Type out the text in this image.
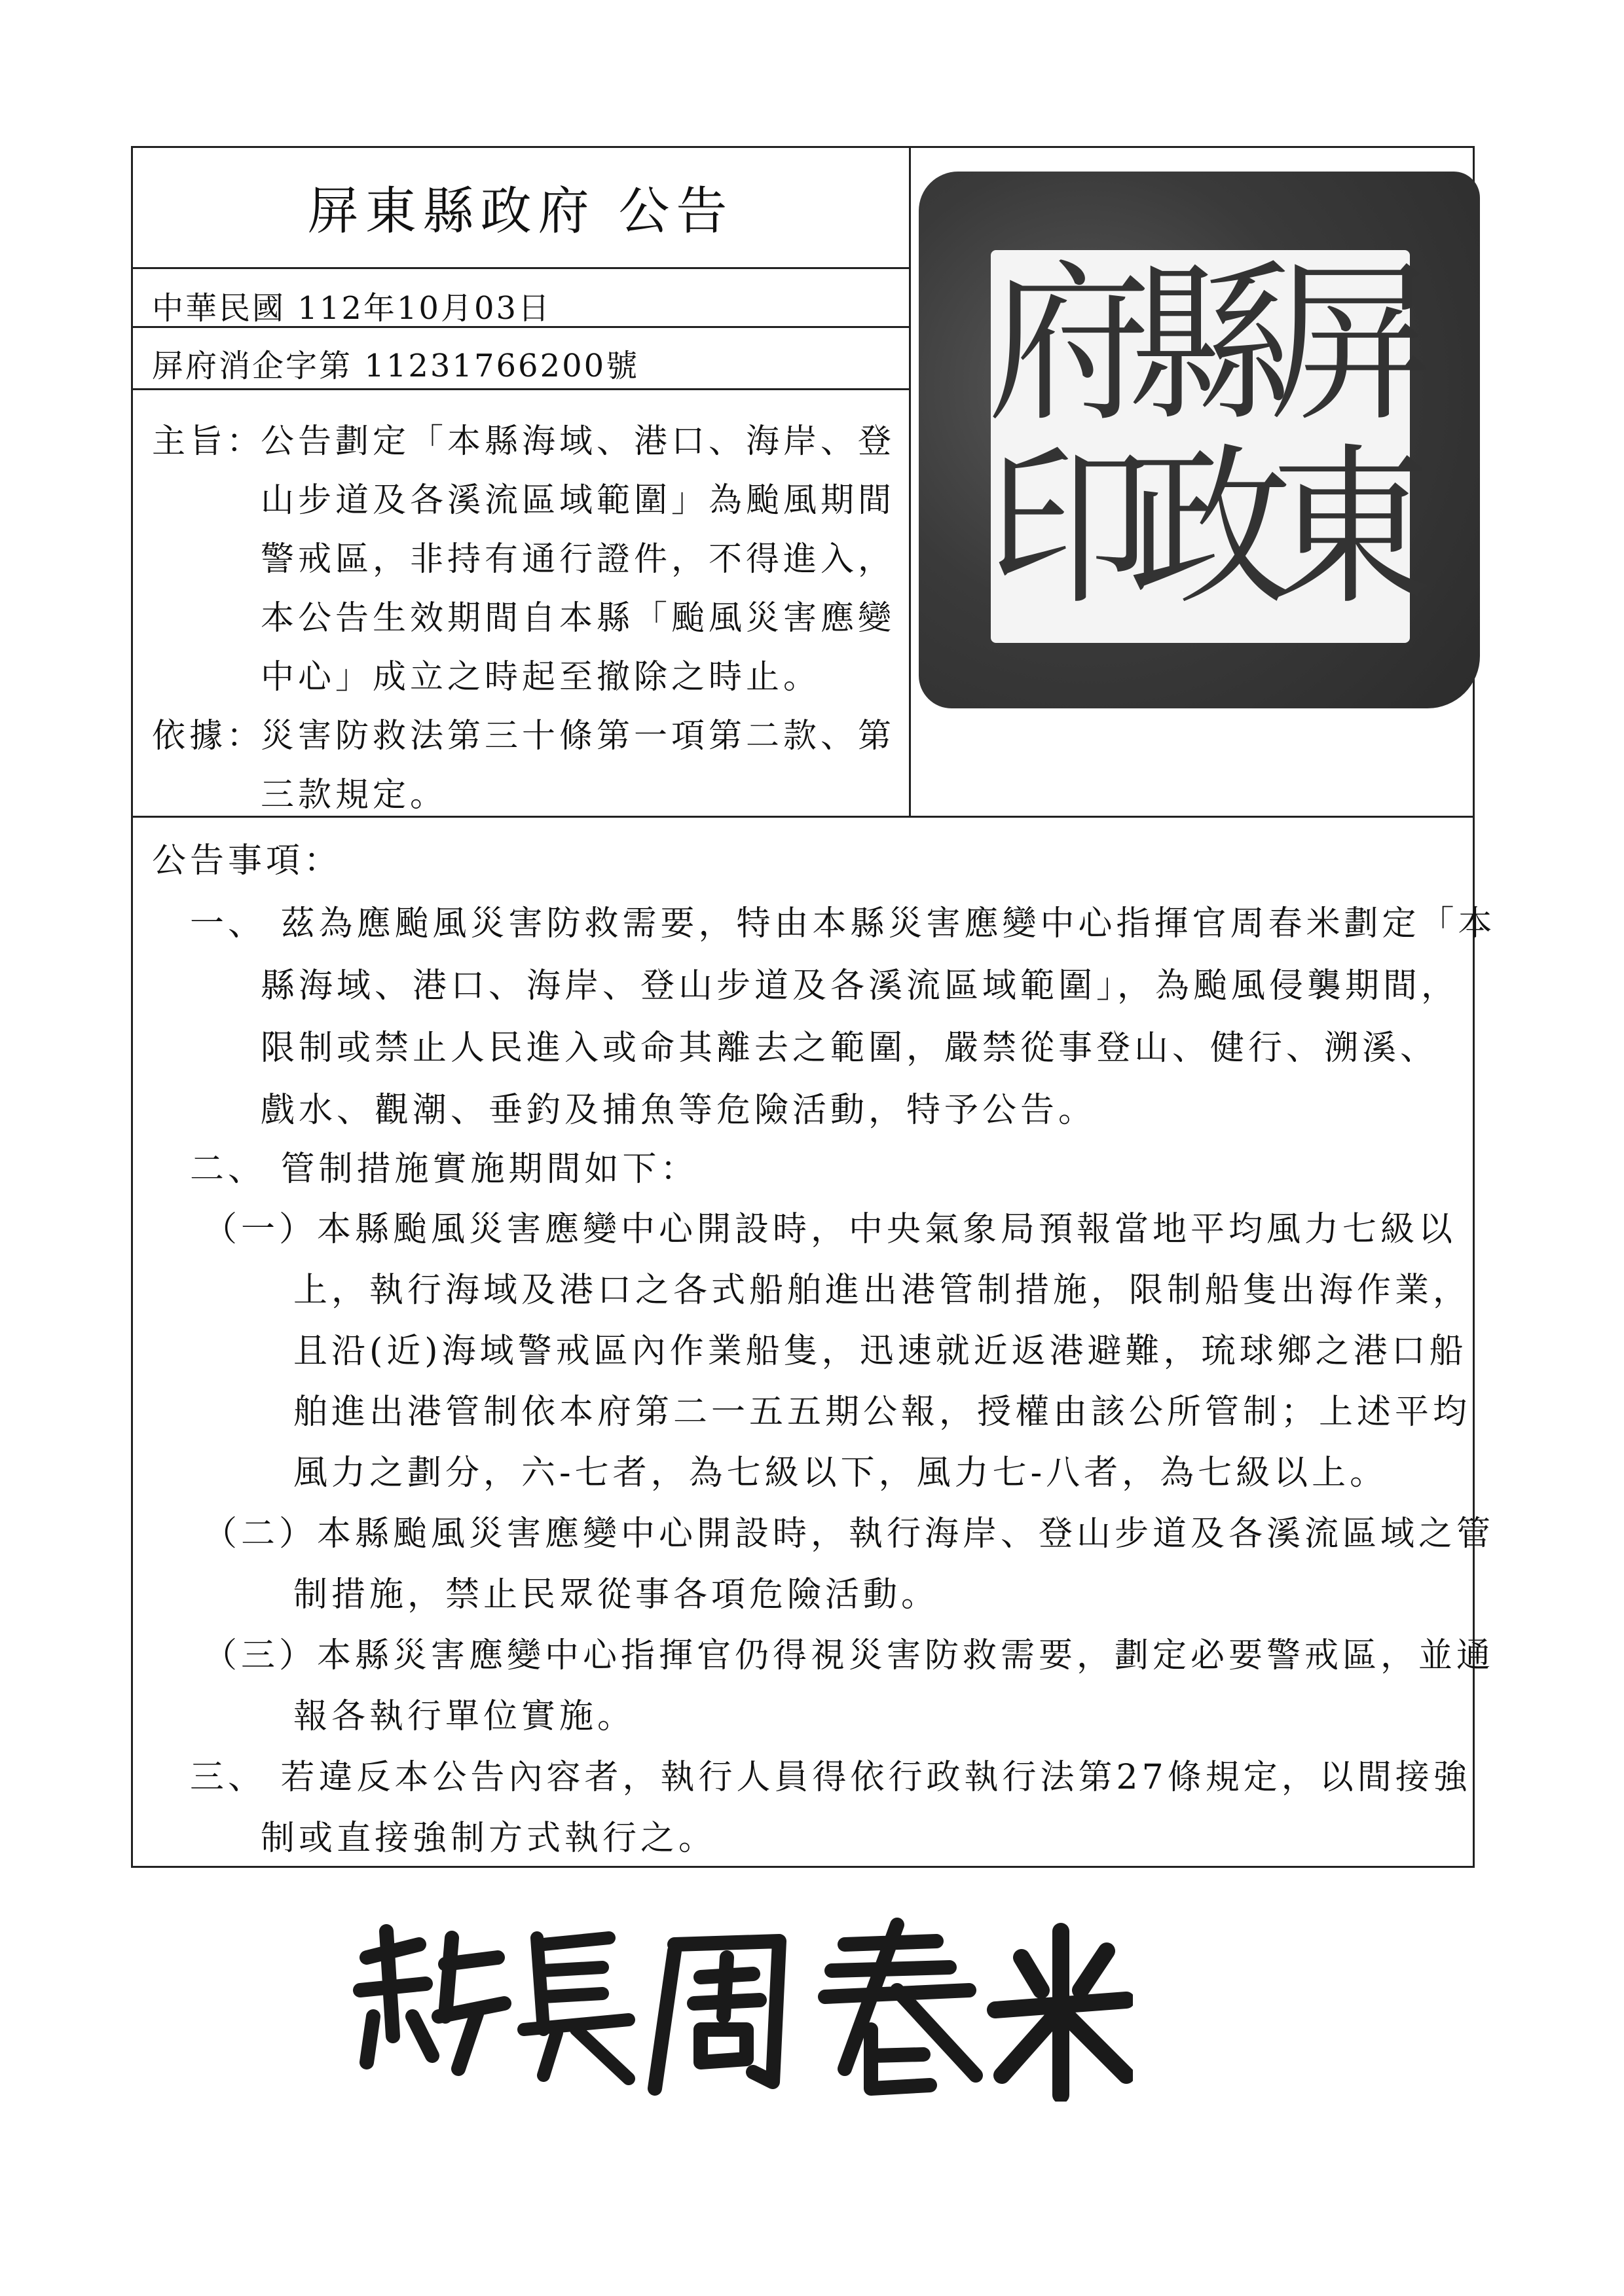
屏東縣政府 公告
中華民國 112年10月03日
屏府消企字第 11231766200號
主旨：
公告劃定「本縣海域、港口、海岸、登
山步道及各溪流區域範圍」為颱風期間
警戒區，非持有通行證件，不得進入，
本公告生效期間自本縣「颱風災害應變
中心」成立之時起至撤除之時止。
依據：
災害防救法第三十條第一項第二款、第
三款規定。
屏
東
縣
政
府
印
公告事項：
一、 茲為應颱風災害防救需要，特由本縣災害應變中心指揮官周春米劃定「本
縣海域、港口、海岸、登山步道及各溪流區域範圍」，為颱風侵襲期間，
限制或禁止人民進入或命其離去之範圍，嚴禁從事登山、健行、溯溪、
戲水、觀潮、垂釣及捕魚等危險活動，特予公告。
二、 管制措施實施期間如下：
（一）本縣颱風災害應變中心開設時，中央氣象局預報當地平均風力七級以
上，執行海域及港口之各式船舶進出港管制措施，限制船隻出海作業，
且沿(近)海域警戒區內作業船隻，迅速就近返港避難，琉球鄉之港口船
舶進出港管制依本府第二一五五期公報，授權由該公所管制；上述平均
風力之劃分，六-七者，為七級以下，風力七-八者，為七級以上。
（二）本縣颱風災害應變中心開設時，執行海岸、登山步道及各溪流區域之管
制措施，禁止民眾從事各項危險活動。
（三）本縣災害應變中心指揮官仍得視災害防救需要，劃定必要警戒區，並通
報各執行單位實施。
三、 若違反本公告內容者，執行人員得依行政執行法第27條規定，以間接強
制或直接強制方式執行之。
